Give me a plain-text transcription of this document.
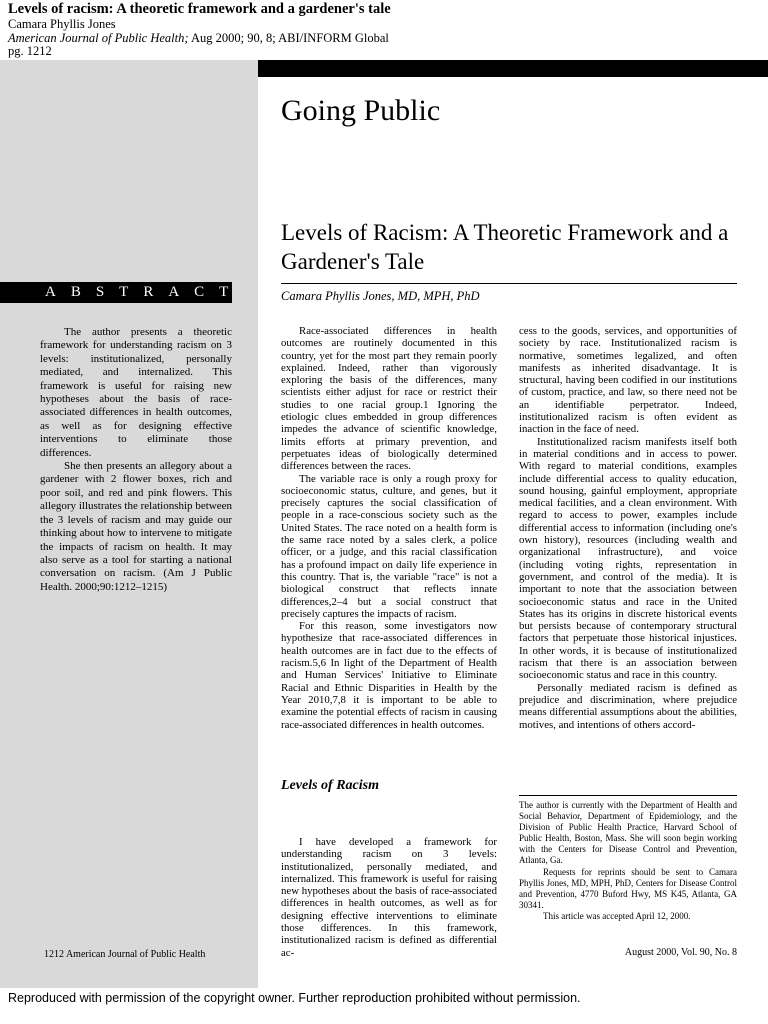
Levels of racism: A theoretic framework and a gardener's tale
Camara Phyllis Jones
American Journal of Public Health; Aug 2000; 90, 8; ABI/INFORM Global
pg. 1212
Going Public
Levels of Racism: A Theoretic Framework and a Gardener's Tale
Camara Phyllis Jones, MD, MPH, PhD
ABSTRACT

The author presents a theoretic framework for understanding racism on 3 levels: institutionalized, personally mediated, and internalized. This framework is useful for raising new hypotheses about the basis of race-associated differences in health outcomes, as well as for designing effective interventions to eliminate those differences.

She then presents an allegory about a gardener with 2 flower boxes, rich and poor soil, and red and pink flowers. This allegory illustrates the relationship between the 3 levels of racism and may guide our thinking about how to intervene to mitigate the impacts of racism on health. It may also serve as a tool for starting a national conversation on racism. (Am J Public Health. 2000;90:1212–1215)

Race-associated differences in health outcomes are routinely documented in this country, yet for the most part they remain poorly explained. Indeed, rather than vigorously exploring the basis of the differences, many scientists either adjust for race or restrict their studies to one racial group.1 Ignoring the etiologic clues embedded in group differences impedes the advance of scientific knowledge, limits efforts at primary prevention, and perpetuates ideas of biologically determined differences between the races.

The variable race is only a rough proxy for socioeconomic status, culture, and genes, but it precisely captures the social classification of people in a race-conscious society such as the United States. The race noted on a health form is the same race noted by a sales clerk, a police officer, or a judge, and this racial classification has a profound impact on daily life experience in this country. That is, the variable "race" is not a biological construct that reflects innate differences,2–4 but a social construct that precisely captures the impacts of racism.

For this reason, some investigators now hypothesize that race-associated differences in health outcomes are in fact due to the effects of racism.5,6 In light of the Department of Health and Human Services' Initiative to Eliminate Racial and Ethnic Disparities in Health by the Year 2010,7,8 it is important to be able to examine the potential effects of racism in causing race-associated differences in health outcomes.

Levels of Racism

I have developed a framework for understanding racism on 3 levels: institutionalized, personally mediated, and internalized. This framework is useful for raising new hypotheses about the basis of race-associated differences in health outcomes, as well as for designing effective interventions to eliminate those differences. In this framework, institutionalized racism is defined as differential ac-

cess to the goods, services, and opportunities of society by race. Institutionalized racism is normative, sometimes legalized, and often manifests as inherited disadvantage. It is structural, having been codified in our institutions of custom, practice, and law, so there need not be an identifiable perpetrator. Indeed, institutionalized racism is often evident as inaction in the face of need.

Institutionalized racism manifests itself both in material conditions and in access to power. With regard to material conditions, examples include differential access to quality education, sound housing, gainful employment, appropriate medical facilities, and a clean environment. With regard to access to power, examples include differential access to information (including one's own history), resources (including wealth and organizational infrastructure), and voice (including voting rights, representation in government, and control of the media). It is important to note that the association between socioeconomic status and race in the United States has its origins in discrete historical events but persists because of contemporary structural factors that perpetuate those historical injustices. In other words, it is because of institutionalized racism that there is an association between socioeconomic status and race in this country.

Personally mediated racism is defined as prejudice and discrimination, where prejudice means differential assumptions about the abilities, motives, and intentions of others accord-

The author is currently with the Department of Health and Social Behavior, Department of Epidemiology, and the Division of Public Health Practice, Harvard School of Public Health, Boston, Mass. She will soon begin working with the Centers for Disease Control and Prevention, Atlanta, Ga.

Requests for reprints should be sent to Camara Phyllis Jones, MD, MPH, PhD, Centers for Disease Control and Prevention, 4770 Buford Hwy, MS K45, Atlanta, GA 30341.

This article was accepted April 12, 2000.

1212 American Journal of Public Health	August 2000, Vol. 90, No. 8
Reproduced with permission of the copyright owner. Further reproduction prohibited without permission.
